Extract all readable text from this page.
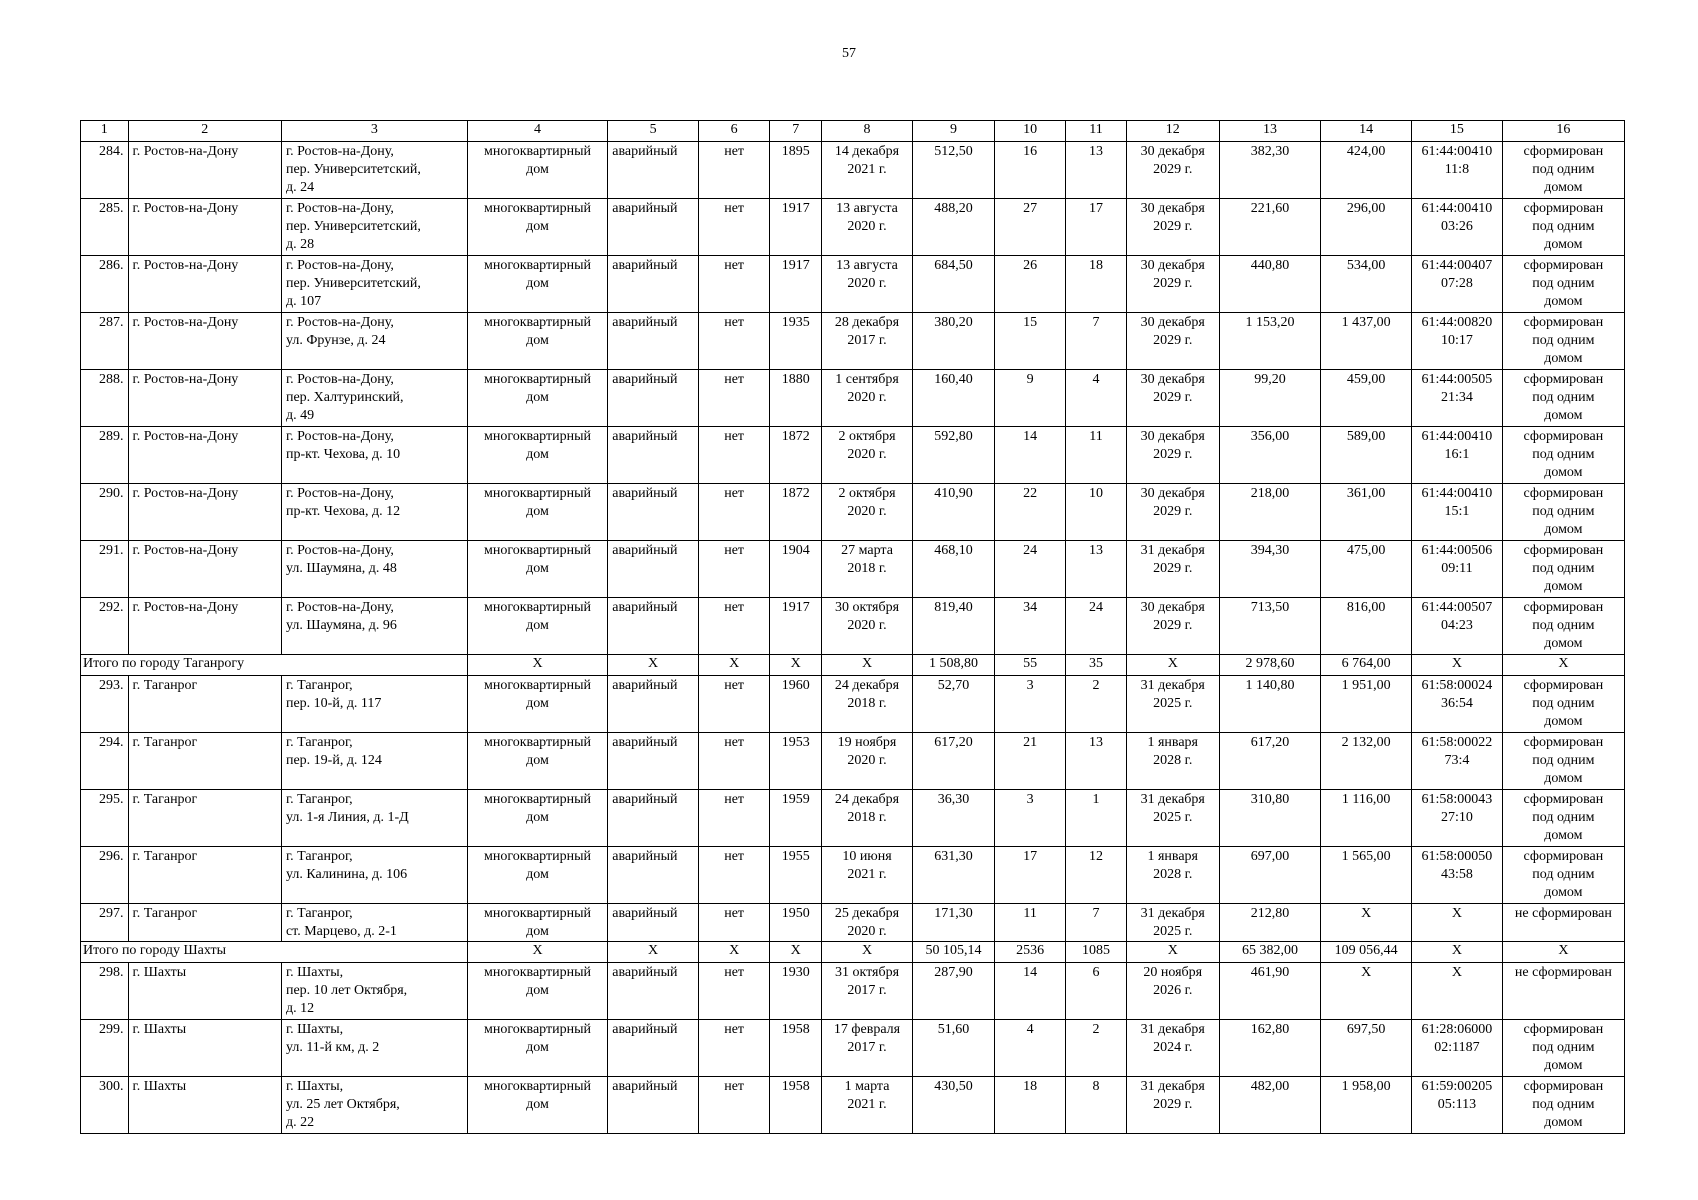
57
1	2	3	4	5	6	7	8	9	10	11	12	13	14	15	16
284.	г. Ростов-на-Дону	г. Ростов-на-Дону,
пер. Университетский,
д. 24	многоквартирный
дом	аварийный	нет	1895	14 декабря
2021 г.	512,50	16	13	30 декабря
2029 г.	382,30	424,00	61:44:00410
11:8	сформирован
под одним
домом
285.	г. Ростов-на-Дону	г. Ростов-на-Дону,
пер. Университетский,
д. 28	многоквартирный
дом	аварийный	нет	1917	13 августа
2020 г.	488,20	27	17	30 декабря
2029 г.	221,60	296,00	61:44:00410
03:26	сформирован
под одним
домом
286.	г. Ростов-на-Дону	г. Ростов-на-Дону,
пер. Университетский,
д. 107	многоквартирный
дом	аварийный	нет	1917	13 августа
2020 г.	684,50	26	18	30 декабря
2029 г.	440,80	534,00	61:44:00407
07:28	сформирован
под одним
домом
287.	г. Ростов-на-Дону	г. Ростов-на-Дону,
ул. Фрунзе, д. 24	многоквартирный
дом	аварийный	нет	1935	28 декабря
2017 г.	380,20	15	7	30 декабря
2029 г.	1 153,20	1 437,00	61:44:00820
10:17	сформирован
под одним
домом
288.	г. Ростов-на-Дону	г. Ростов-на-Дону,
пер. Халтуринский,
д. 49	многоквартирный
дом	аварийный	нет	1880	1 сентября
2020 г.	160,40	9	4	30 декабря
2029 г.	99,20	459,00	61:44:00505
21:34	сформирован
под одним
домом
289.	г. Ростов-на-Дону	г. Ростов-на-Дону,
пр-кт. Чехова, д. 10	многоквартирный
дом	аварийный	нет	1872	2 октября
2020 г.	592,80	14	11	30 декабря
2029 г.	356,00	589,00	61:44:00410
16:1	сформирован
под одним
домом
290.	г. Ростов-на-Дону	г. Ростов-на-Дону,
пр-кт. Чехова, д. 12	многоквартирный
дом	аварийный	нет	1872	2 октября
2020 г.	410,90	22	10	30 декабря
2029 г.	218,00	361,00	61:44:00410
15:1	сформирован
под одним
домом
291.	г. Ростов-на-Дону	г. Ростов-на-Дону,
ул. Шаумяна, д. 48	многоквартирный
дом	аварийный	нет	1904	27 марта
2018 г.	468,10	24	13	31 декабря
2029 г.	394,30	475,00	61:44:00506
09:11	сформирован
под одним
домом
292.	г. Ростов-на-Дону	г. Ростов-на-Дону,
ул. Шаумяна, д. 96	многоквартирный
дом	аварийный	нет	1917	30 октября
2020 г.	819,40	34	24	30 декабря
2029 г.	713,50	816,00	61:44:00507
04:23	сформирован
под одним
домом
Итого по городу Таганрогу			X	X	X	X	X	1 508,80	55	35	X	2 978,60	6 764,00	X	X
293.	г. Таганрог	г. Таганрог,
пер. 10-й, д. 117	многоквартирный
дом	аварийный	нет	1960	24 декабря
2018 г.	52,70	3	2	31 декабря
2025 г.	1 140,80	1 951,00	61:58:00024
36:54	сформирован
под одним
домом
294.	г. Таганрог	г. Таганрог,
пер. 19-й, д. 124	многоквартирный
дом	аварийный	нет	1953	19 ноября
2020 г.	617,20	21	13	1 января
2028 г.	617,20	2 132,00	61:58:00022
73:4	сформирован
под одним
домом
295.	г. Таганрог	г. Таганрог,
ул. 1-я Линия, д. 1-Д	многоквартирный
дом	аварийный	нет	1959	24 декабря
2018 г.	36,30	3	1	31 декабря
2025 г.	310,80	1 116,00	61:58:00043
27:10	сформирован
под одним
домом
296.	г. Таганрог	г. Таганрог,
ул. Калинина, д. 106	многоквартирный
дом	аварийный	нет	1955	10 июня
2021 г.	631,30	17	12	1 января
2028 г.	697,00	1 565,00	61:58:00050
43:58	сформирован
под одним
домом
297.	г. Таганрог	г. Таганрог,
ст. Марцево, д. 2-1	многоквартирный
дом	аварийный	нет	1950	25 декабря
2020 г.	171,30	11	7	31 декабря
2025 г.	212,80	X	X	не сформирован
Итого по городу Шахты			X	X	X	X	X	50 105,14	2536	1085	X	65 382,00	109 056,44	X	X
298.	г. Шахты	г. Шахты,
пер. 10 лет Октября,
д. 12	многоквартирный
дом	аварийный	нет	1930	31 октября
2017 г.	287,90	14	6	20 ноября
2026 г.	461,90	X	X	не сформирован
299.	г. Шахты	г. Шахты,
ул. 11-й км, д. 2	многоквартирный
дом	аварийный	нет	1958	17 февраля
2017 г.	51,60	4	2	31 декабря
2024 г.	162,80	697,50	61:28:06000
02:1187	сформирован
под одним
домом
300.	г. Шахты	г. Шахты,
ул. 25 лет Октября,
д. 22	многоквартирный
дом	аварийный	нет	1958	1 марта
2021 г.	430,50	18	8	31 декабря
2029 г.	482,00	1 958,00	61:59:00205
05:113	сформирован
под одним
домом
